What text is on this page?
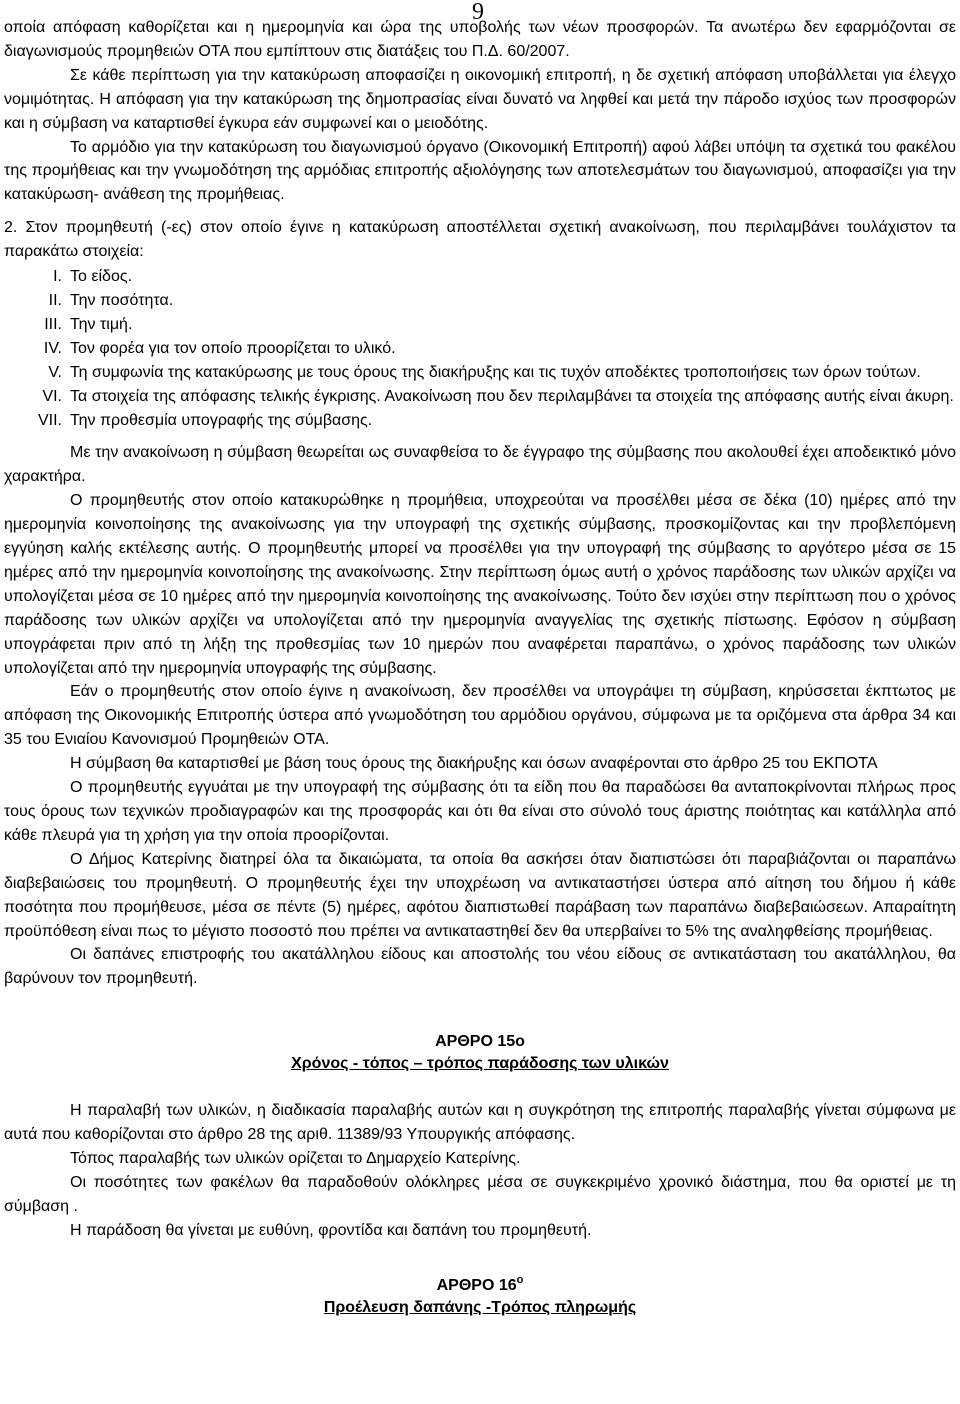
9

οποία απόφαση καθορίζεται και η ημερομηνία και ώρα της υποβολής των νέων προσφορών. Τα ανωτέρω δεν εφαρμόζονται σε διαγωνισμούς προμηθειών ΟΤΑ που εμπίπτουν στις διατάξεις του Π.Δ. 60/2007.

Σε κάθε περίπτωση για την κατακύρωση αποφασίζει η οικονομική επιτροπή, η δε σχετική απόφαση υποβάλλεται για έλεγχο νομιμότητας. Η απόφαση για την κατακύρωση της δημοπρασίας είναι δυνατό να ληφθεί και μετά την πάροδο ισχύος των προσφορών και η σύμβαση να καταρτισθεί έγκυρα εάν συμφωνεί και ο μειοδότης.

Το αρμόδιο για την κατακύρωση του διαγωνισμού όργανο (Οικονομική Επιτροπή) αφού λάβει υπόψη τα σχετικά του φακέλου της προμήθειας και την γνωμοδότηση της αρμόδιας επιτροπής αξιολόγησης των αποτελεσμάτων του διαγωνισμού, αποφασίζει για την κατακύρωση- ανάθεση της προμήθειας.

2. Στον προμηθευτή (-ες) στον οποίο έγινε η κατακύρωση αποστέλλεται σχετική ανακοίνωση, που περιλαμβάνει τουλάχιστον τα παρακάτω στοιχεία:

I. Το είδος.
II. Την ποσότητα.
III. Την τιμή.
IV. Τον φορέα για τον οποίο προορίζεται το υλικό.
V. Τη συμφωνία της κατακύρωσης με τους όρους της διακήρυξης και τις τυχόν αποδέκτες τροποποιήσεις των όρων τούτων.
VI. Τα στοιχεία της απόφασης τελικής έγκρισης. Ανακοίνωση που δεν περιλαμβάνει τα στοιχεία της απόφασης αυτής είναι άκυρη.
VII. Την προθεσμία υπογραφής της σύμβασης.

Με την ανακοίνωση η σύμβαση θεωρείται ως συναφθείσα το δε έγγραφο της σύμβασης που ακολουθεί έχει αποδεικτικό μόνο χαρακτήρα.

Ο προμηθευτής στον οποίο κατακυρώθηκε η προμήθεια, υποχρεούται να προσέλθει μέσα σε δέκα (10) ημέρες από την ημερομηνία κοινοποίησης της ανακοίνωσης για την υπογραφή της σχετικής σύμβασης, προσκομίζοντας και την προβλεπόμενη εγγύηση καλής εκτέλεσης αυτής. Ο προμηθευτής μπορεί να προσέλθει για την υπογραφή της σύμβασης το αργότερο μέσα σε 15 ημέρες από την ημερομηνία κοινοποίησης της ανακοίνωσης. Στην περίπτωση όμως αυτή ο χρόνος παράδοσης των υλικών αρχίζει να υπολογίζεται μέσα σε 10 ημέρες από την ημερομηνία κοινοποίησης της ανακοίνωσης. Τούτο δεν ισχύει στην περίπτωση που ο χρόνος παράδοσης των υλικών αρχίζει να υπολογίζεται από την ημερομηνία αναγγελίας της σχετικής πίστωσης. Εφόσον η σύμβαση υπογράφεται πριν από τη λήξη της προθεσμίας των 10 ημερών που αναφέρεται παραπάνω, ο χρόνος παράδοσης των υλικών υπολογίζεται από την ημερομηνία υπογραφής της σύμβασης.

Εάν ο προμηθευτής στον οποίο έγινε η ανακοίνωση, δεν προσέλθει να υπογράψει τη σύμβαση, κηρύσσεται έκπτωτος με απόφαση της Οικονομικής Επιτροπής ύστερα από γνωμοδότηση του αρμόδιου οργάνου, σύμφωνα με τα οριζόμενα στα άρθρα 34 και 35 του Ενιαίου Κανονισμού Προμηθειών ΟΤΑ.

Η σύμβαση θα καταρτισθεί με βάση τους όρους της διακήρυξης και όσων αναφέρονται στο άρθρο 25 του ΕΚΠΟΤΑ

Ο προμηθευτής εγγυάται με την υπογραφή της σύμβασης ότι τα είδη που θα παραδώσει θα ανταποκρίνονται πλήρως προς τους όρους των τεχνικών προδιαγραφών και της προσφοράς και ότι θα είναι στο σύνολό τους άριστης ποιότητας και κατάλληλα από κάθε πλευρά για τη χρήση για την οποία προορίζονται.

Ο Δήμος Κατερίνης διατηρεί όλα τα δικαιώματα, τα οποία θα ασκήσει όταν διαπιστώσει ότι παραβιάζονται οι παραπάνω διαβεβαιώσεις του προμηθευτή. Ο προμηθευτής έχει την υποχρέωση να αντικαταστήσει ύστερα από αίτηση του δήμου ή κάθε ποσότητα που προμήθευσε, μέσα σε πέντε (5) ημέρες, αφότου διαπιστωθεί παράβαση των παραπάνω διαβεβαιώσεων. Απαραίτητη προϋπόθεση είναι πως το μέγιστο ποσοστό που πρέπει να αντικαταστηθεί δεν θα υπερβαίνει το 5% της αναληφθείσης προμήθειας.

Οι δαπάνες επιστροφής του ακατάλληλου είδους και αποστολής του νέου είδους σε αντικατάσταση του ακατάλληλου, θα βαρύνουν τον προμηθευτή.

ΑΡΘΡΟ 15ο

Χρόνος - τόπος – τρόπος παράδοσης των υλικών

Η παραλαβή των υλικών, η διαδικασία παραλαβής αυτών και η συγκρότηση της επιτροπής παραλαβής γίνεται σύμφωνα με αυτά που καθορίζονται στο άρθρο 28 της αριθ. 11389/93 Υπουργικής απόφασης.

Τόπος παραλαβής των υλικών ορίζεται το Δημαρχείο Κατερίνης.

Οι ποσότητες των φακέλων θα παραδοθούν ολόκληρες μέσα σε συγκεκριμένο χρονικό διάστημα, που θα οριστεί με τη σύμβαση .

Η παράδοση θα γίνεται με ευθύνη, φροντίδα και δαπάνη του προμηθευτή.

ΑΡΘΡΟ $16^o$

Προέλευση δαπάνης -Τρόπος πληρωμής
